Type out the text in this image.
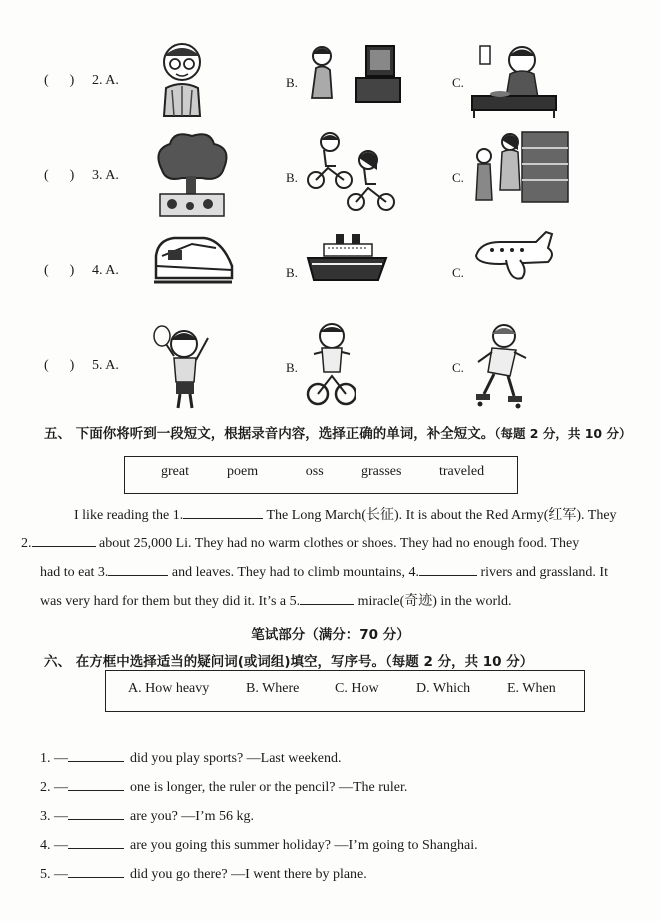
(      ) 2. A.	B.	C.
(      ) 3. A.	B.	C.
(      ) 4. A.	B.	C.
(      ) 5. A.	B.	C.
五、 下面你将听到一段短文，根据录音内容，选择正确的单词，补全短文。（每题 2 分，共 10 分）
great	poem	 oss	grasses	traveled
I like reading the 1.	The Long March(长征). It is about the Red Army(红军). They
2.	about 25,000 Li. They had no warm clothes or shoes. They had no enough food. They
had to eat 3.	and leaves. They had to climb mountains, 4.	rivers and grassland. It
was very hard for them but they did it. It’s a 5.	miracle(奇迹) in the world.
笔试部分（满分：70 分）
六、 在方框中选择适当的疑问词(或词组)填空，写序号。（每题 2 分，共 10 分）
A. How heavy	B. Where	C. How	D. Which	E. When
1. —	did you play sports? —Last weekend.
2. —	one is longer, the ruler or the pencil? —The ruler.
3. —	are you? —I’m 56 kg.
4. —	are you going this summer holiday? —I’m going to Shanghai.
5. —	did you go there? —I went there by plane.
